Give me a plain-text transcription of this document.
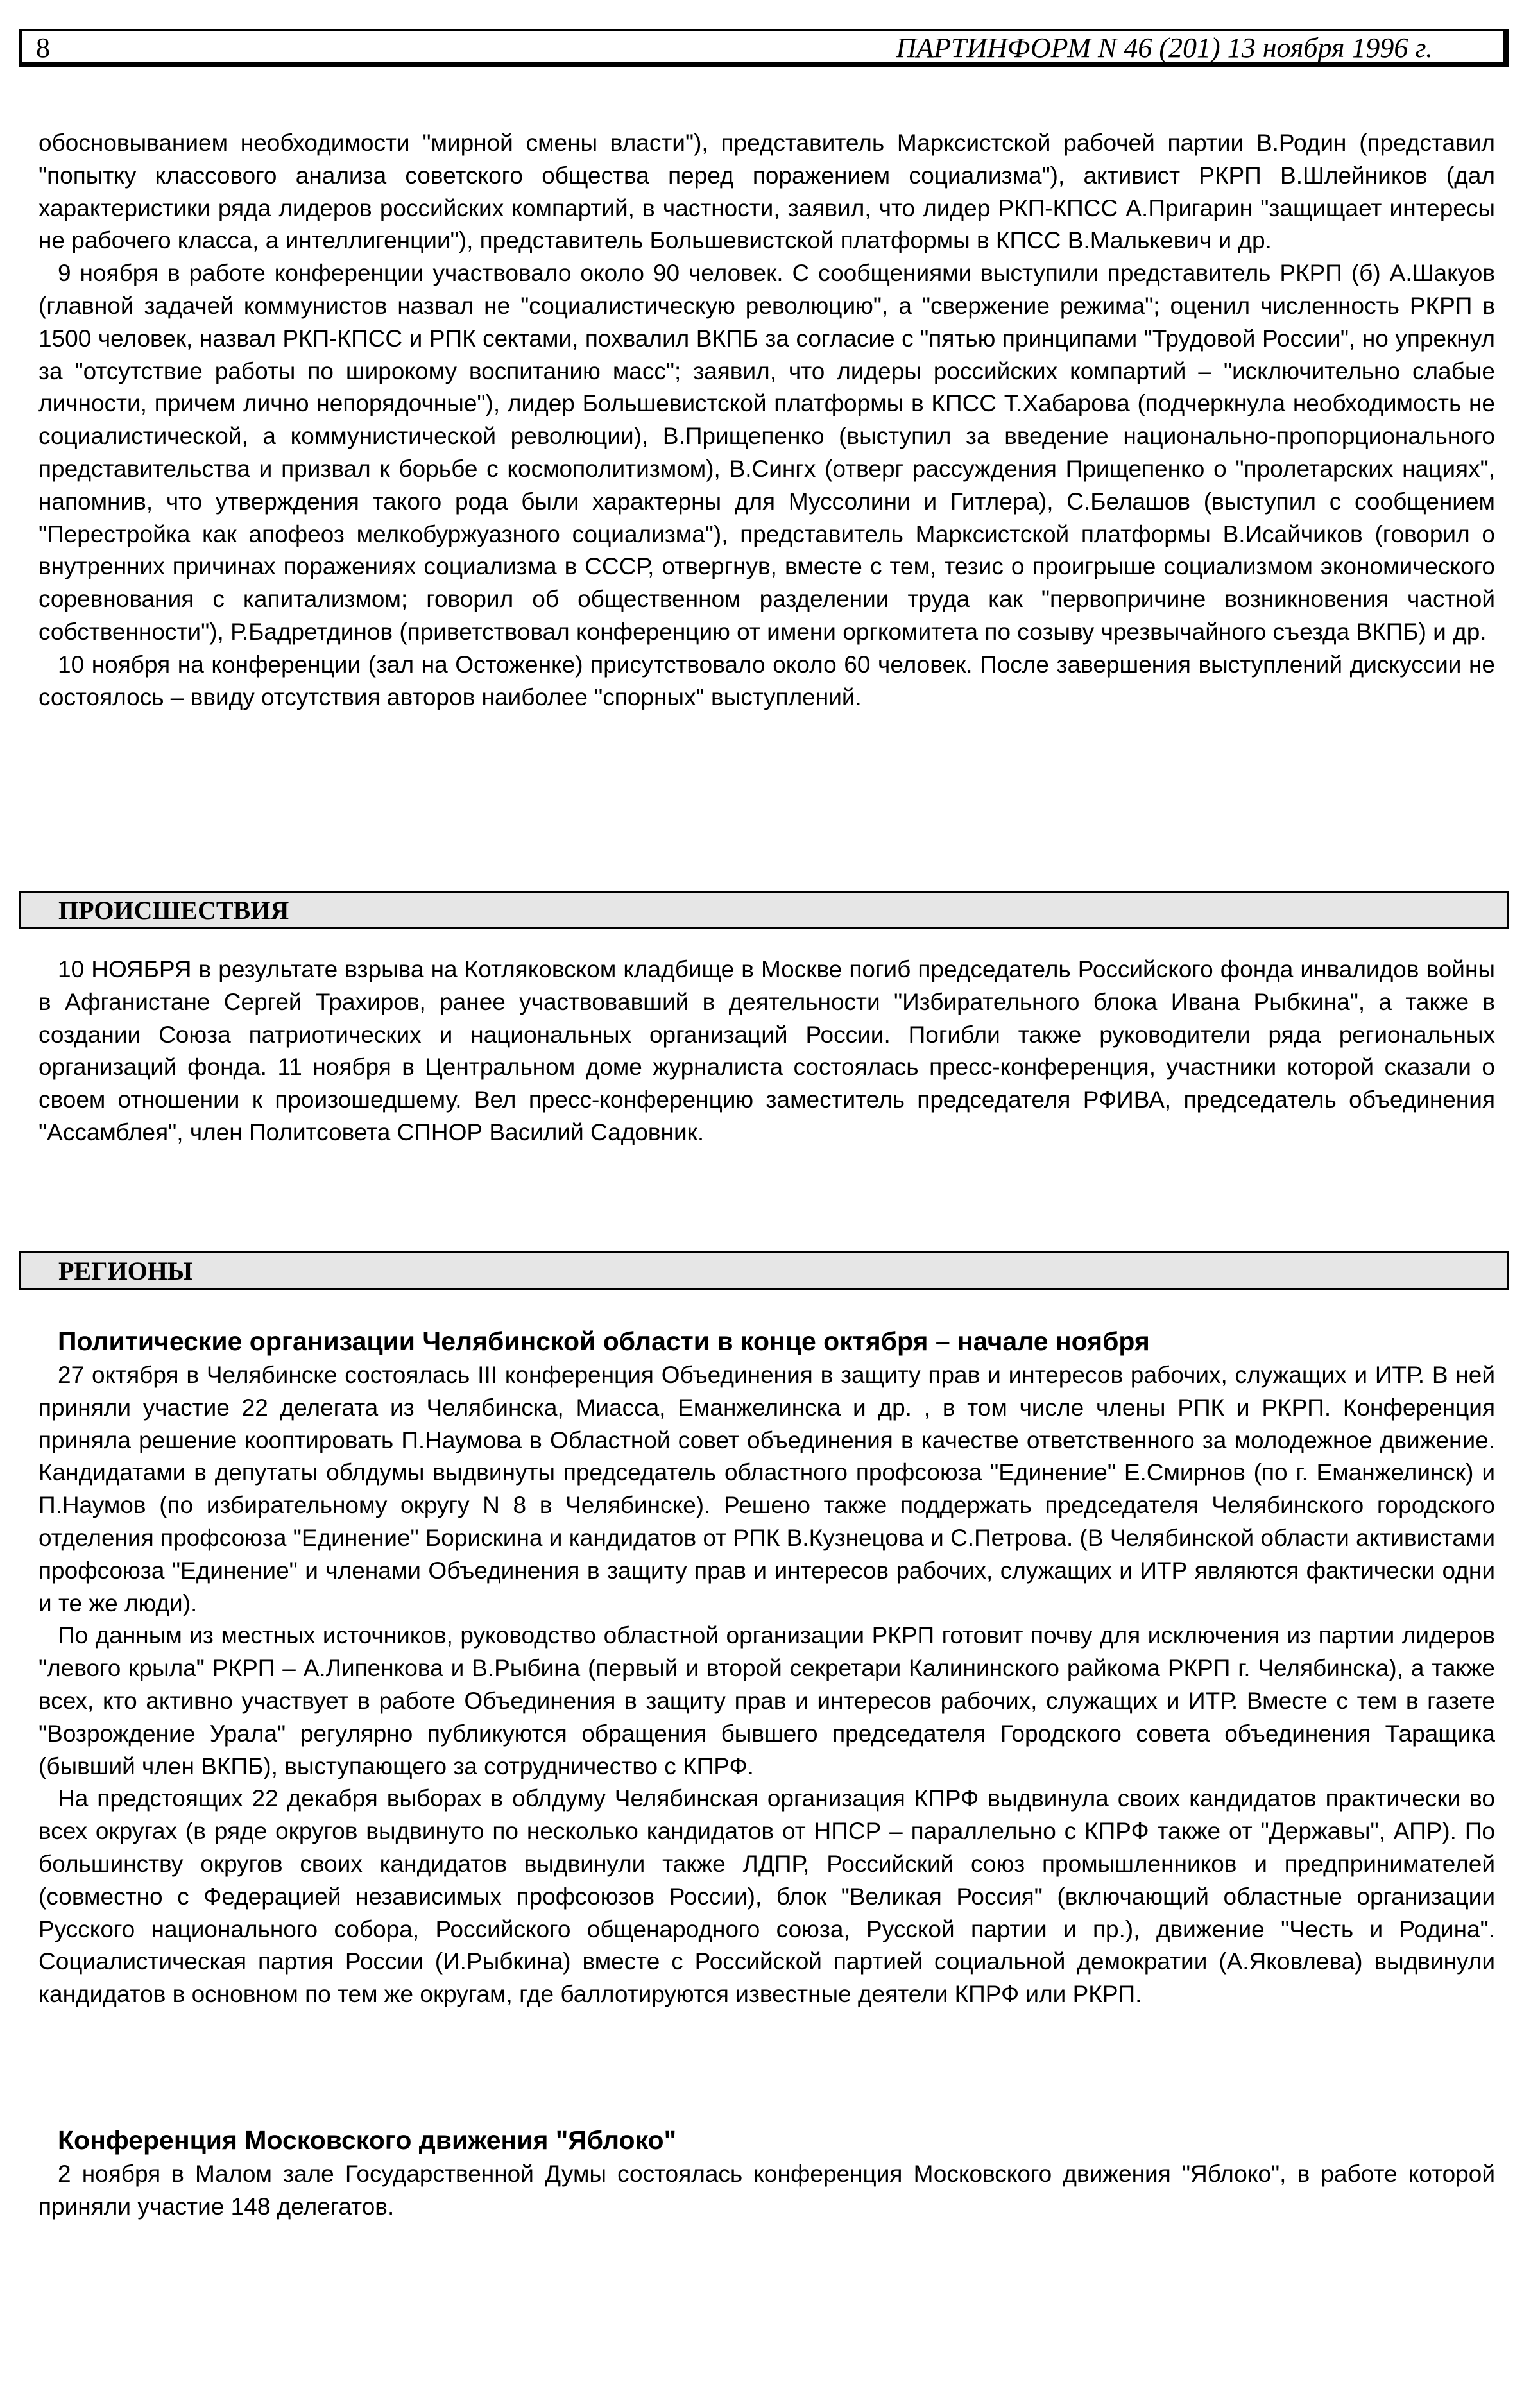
8	ПАРТИНФОРМ N 46 (201) 13 ноября 1996 г.

обосновыванием необходимости "мирной смены власти"), представитель Марксистской рабочей партии В.Родин (представил "попытку классового анализа советского общества перед поражением социализма"), активист РКРП В.Шлейников (дал характеристики ряда лидеров российских компартий, в частности, заявил, что лидер РКП-КПСС А.Пригарин "защищает интересы не рабочего класса, а интеллигенции"), представитель Большевистской платформы в КПСС В.Малькевич и др.

9 ноября в работе конференции участвовало около 90 человек. С сообщениями выступили представитель РКРП (б) А.Шакуов (главной задачей коммунистов назвал не "социалистическую революцию", а "свержение режима"; оценил численность РКРП в 1500 человек, назвал РКП-КПСС и РПК сектами, похвалил ВКПБ за согласие с "пятью принципами "Трудовой России", но упрекнул за "отсутствие работы по широкому воспитанию масс"; заявил, что лидеры российских компартий – "исключительно слабые личности, причем лично непорядочные"), лидер Большевистской платформы в КПСС Т.Хабарова (подчеркнула необходимость не социалистической, а коммунистической революции), В.Прищепенко (выступил за введение национально-пропорционального представительства и призвал к борьбе с космополитизмом), В.Сингх (отверг рассуждения Прищепенко о "пролетарских нациях", напомнив, что утверждения такого рода были характерны для Муссолини и Гитлера), С.Белашов (выступил с сообщением "Перестройка как апофеоз мелкобуржуазного социализма"), представитель Марксистской платформы В.Исайчиков (говорил о внутренних причинах поражениях социализма в СССР, отвергнув, вместе с тем, тезис о проигрыше социализмом экономического соревнования с капитализмом; говорил об общественном разделении труда как "первопричине возникновения частной собственности"), Р.Бадретдинов (приветствовал конференцию от имени оргкомитета по созыву чрезвычайного съезда ВКПБ) и др.

10 ноября на конференции (зал на Остоженке) присутствовало около 60 человек. После завершения выступлений дискуссии не состоялось – ввиду отсутствия авторов наиболее "спорных" выступлений.

ПРОИСШЕСТВИЯ

10 НОЯБРЯ в результате взрыва на Котляковском кладбище в Москве погиб председатель Российского фонда инвалидов войны в Афганистане Сергей Трахиров, ранее участвовавший в деятельности "Избирательного блока Ивана Рыбкина", а также в создании Союза патриотических и национальных организаций России. Погибли также руководители ряда региональных организаций фонда. 11 ноября в Центральном доме журналиста состоялась пресс-конференция, участники которой сказали о своем отношении к произошедшему. Вел пресс-конференцию заместитель председателя РФИВА, председатель объединения "Ассамблея", член Политсовета СПНОР Василий Садовник.

РЕГИОНЫ
Политические организации Челябинской области в конце октября – начале ноября

27 октября в Челябинске состоялась III конференция Объединения в защиту прав и интересов рабочих, служащих и ИТР. В ней приняли участие 22 делегата из Челябинска, Миасса, Еманжелинска и др. , в том числе члены РПК и РКРП. Конференция приняла решение кооптировать П.Наумова в Областной совет объединения в качестве ответственного за молодежное движение. Кандидатами в депутаты облдумы выдвинуты председатель областного профсоюза "Единение" Е.Смирнов (по г. Еманжелинск) и П.Наумов (по избирательному округу N 8 в Челябинске). Решено также поддержать председателя Челябинского городского отделения профсоюза "Единение" Борискина и кандидатов от РПК В.Кузнецова и С.Петрова. (В Челябинской области активистами профсоюза "Единение" и членами Объединения в защиту прав и интересов рабочих, служащих и ИТР являются фактически одни и те же люди).

По данным из местных источников, руководство областной организации РКРП готовит почву для исключения из партии лидеров "левого крыла" РКРП – А.Липенкова и В.Рыбина (первый и второй секретари Калининского райкома РКРП г. Челябинска), а также всех, кто активно участвует в работе Объединения в защиту прав и интересов рабочих, служащих и ИТР. Вместе с тем в газете "Возрождение Урала" регулярно публикуются обращения бывшего председателя Городского совета объединения Таращика (бывший член ВКПБ), выступающего за сотрудничество с КПРФ.

На предстоящих 22 декабря выборах в облдуму Челябинская организация КПРФ выдвинула своих кандидатов практически во всех округах (в ряде округов выдвинуто по несколько кандидатов от НПСР – параллельно с КПРФ также от "Державы", АПР). По большинству округов своих кандидатов выдвинули также ЛДПР, Российский союз промышленников и предпринимателей (совместно с Федерацией независимых профсоюзов России), блок "Великая Россия" (включающий областные организации Русского национального собора, Российского общенародного союза, Русской партии и пр.), движение "Честь и Родина". Социалистическая партия России (И.Рыбкина) вместе с Российской партией социальной демократии (А.Яковлева) выдвинули кандидатов в основном по тем же округам, где баллотируются известные деятели КПРФ или РКРП.

Конференция Московского движения "Яблоко"

2 ноября в Малом зале Государственной Думы состоялась конференция Московского движения "Яблоко", в работе которой приняли участие 148 делегатов.
